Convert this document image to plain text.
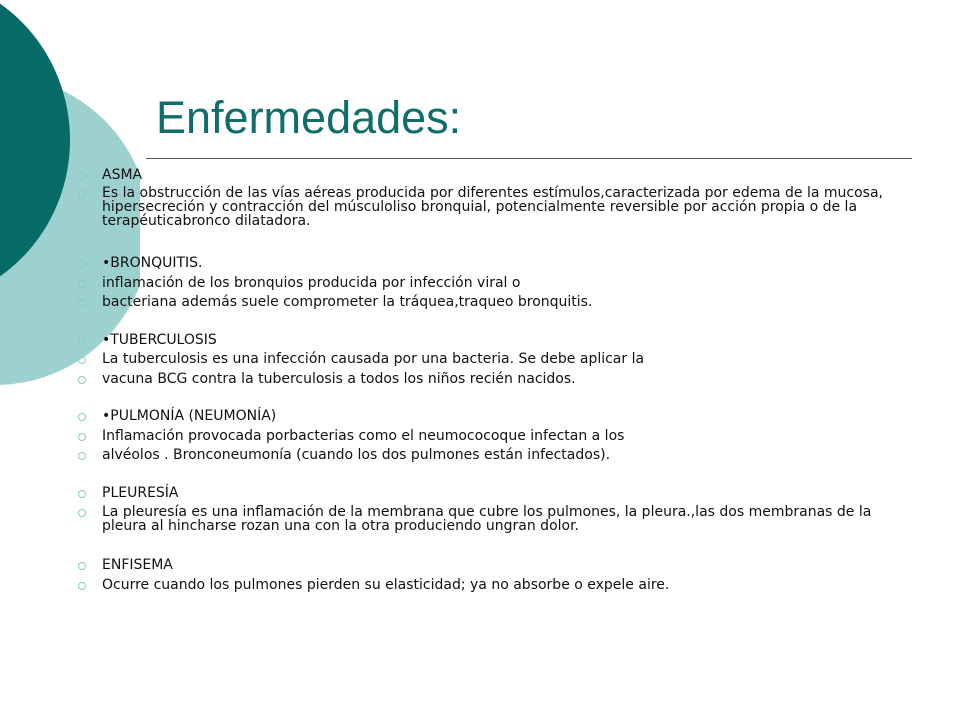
Enfermedades:

ASMA

Es la obstrucción de las vías aéreas producida por diferentes estímulos,caracterizada por edema de la mucosa, hipersecreción y contracción del músculoliso bronquial, potencialmente reversible por acción propia o de la terapéuticabronco dilatadora.

•BRONQUITIS.

inflamación de los bronquios producida por infección viral o

bacteriana además suele comprometer la tráquea,traqueo bronquitis.

•TUBERCULOSIS

La tuberculosis es una infección causada por una bacteria. Se debe aplicar la

vacuna BCG contra la tuberculosis a todos los niños recién nacidos.

•PULMONÍA (NEUMONÍA)

Inflamación provocada porbacterias como el neumococoque infectan a los

alvéolos . Bronconeumonía (cuando los dos pulmones están infectados).

PLEURESÍA

La pleuresía es una inflamación de la membrana que cubre los pulmones, la pleura.,las dos membranas de la pleura al hincharse rozan una con la otra produciendo ungran dolor.

ENFISEMA

Ocurre cuando los pulmones pierden su elasticidad; ya no absorbe o expele aire.
